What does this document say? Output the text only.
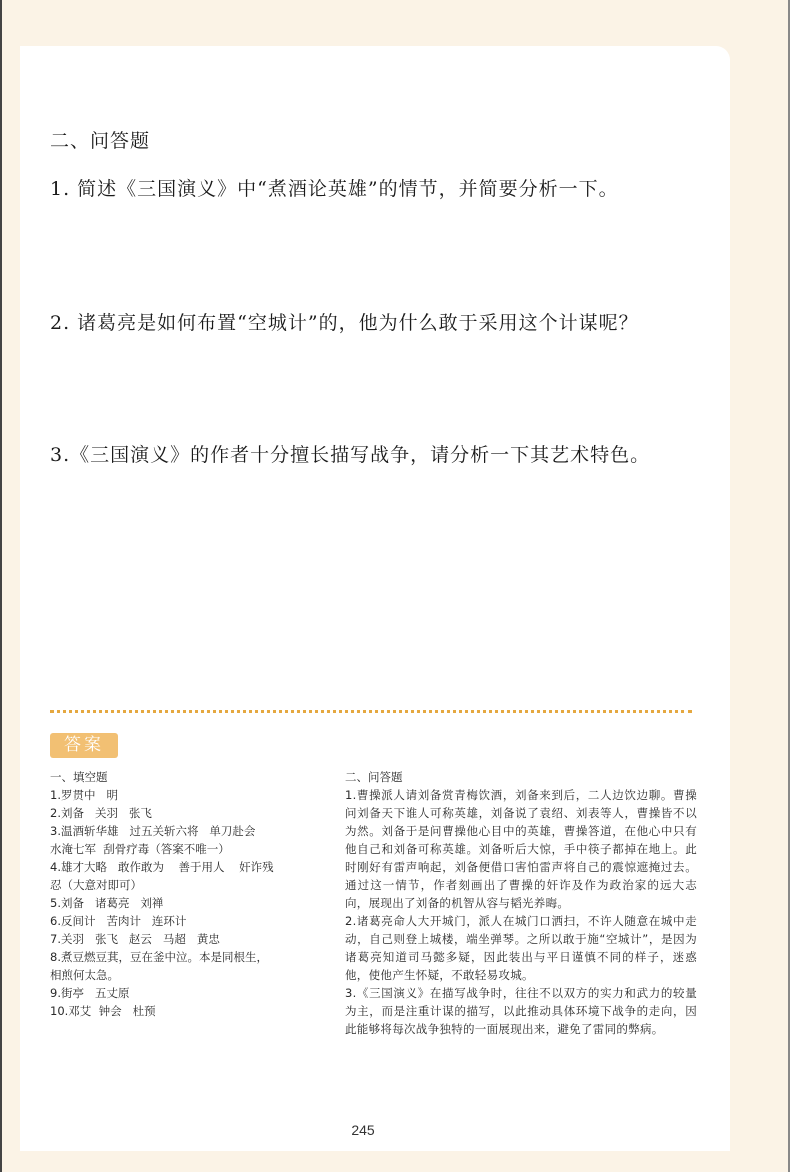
二、问答题
1. 简述《三国演义》中“煮酒论英雄”的情节，并简要分析一下。
2. 诸葛亮是如何布置“空城计”的，他为什么敢于采用这个计谋呢？
3.《三国演义》的作者十分擅长描写战争，请分析一下其艺术特色。
答案
一、填空题
1.罗贯中   明
2.刘备   关羽   张飞
3.温酒斩华雄   过五关斩六将   单刀赴会
水淹七军  刮骨疗毒（答案不唯一）
4.雄才大略   敢作敢为    善于用人    奸诈残
忍（大意对即可）
5.刘备   诸葛亮   刘禅
6.反间计   苦肉计   连环计
7.关羽   张飞   赵云   马超   黄忠
8.煮豆燃豆萁，豆在釜中泣。本是同根生，
相煎何太急。
9.街亭   五丈原
10.邓艾  钟会   杜预
二、问答题
1.曹操派人请刘备赏青梅饮酒，刘备来到后，二人边饮边聊。曹操问刘备天下谁人可称英雄，刘备说了袁绍、刘表等人，曹操皆不以为然。刘备于是问曹操他心目中的英雄，曹操答道，在他心中只有他自己和刘备可称英雄。刘备听后大惊，手中筷子都掉在地上。此时刚好有雷声响起，刘备便借口害怕雷声将自己的震惊遮掩过去。通过这一情节，作者刻画出了曹操的奸诈及作为政治家的远大志向，展现出了刘备的机智从容与韬光养晦。
2.诸葛亮命人大开城门，派人在城门口洒扫，不许人随意在城中走动，自己则登上城楼，端坐弹琴。之所以敢于施“空城计”，是因为诸葛亮知道司马懿多疑，因此装出与平日谨慎不同的样子，迷惑他，使他产生怀疑，不敢轻易攻城。
3.《三国演义》在描写战争时，往往不以双方的实力和武力的较量为主，而是注重计谋的描写，以此推动具体环境下战争的走向，因此能够将每次战争独特的一面展现出来，避免了雷同的弊病。
245
